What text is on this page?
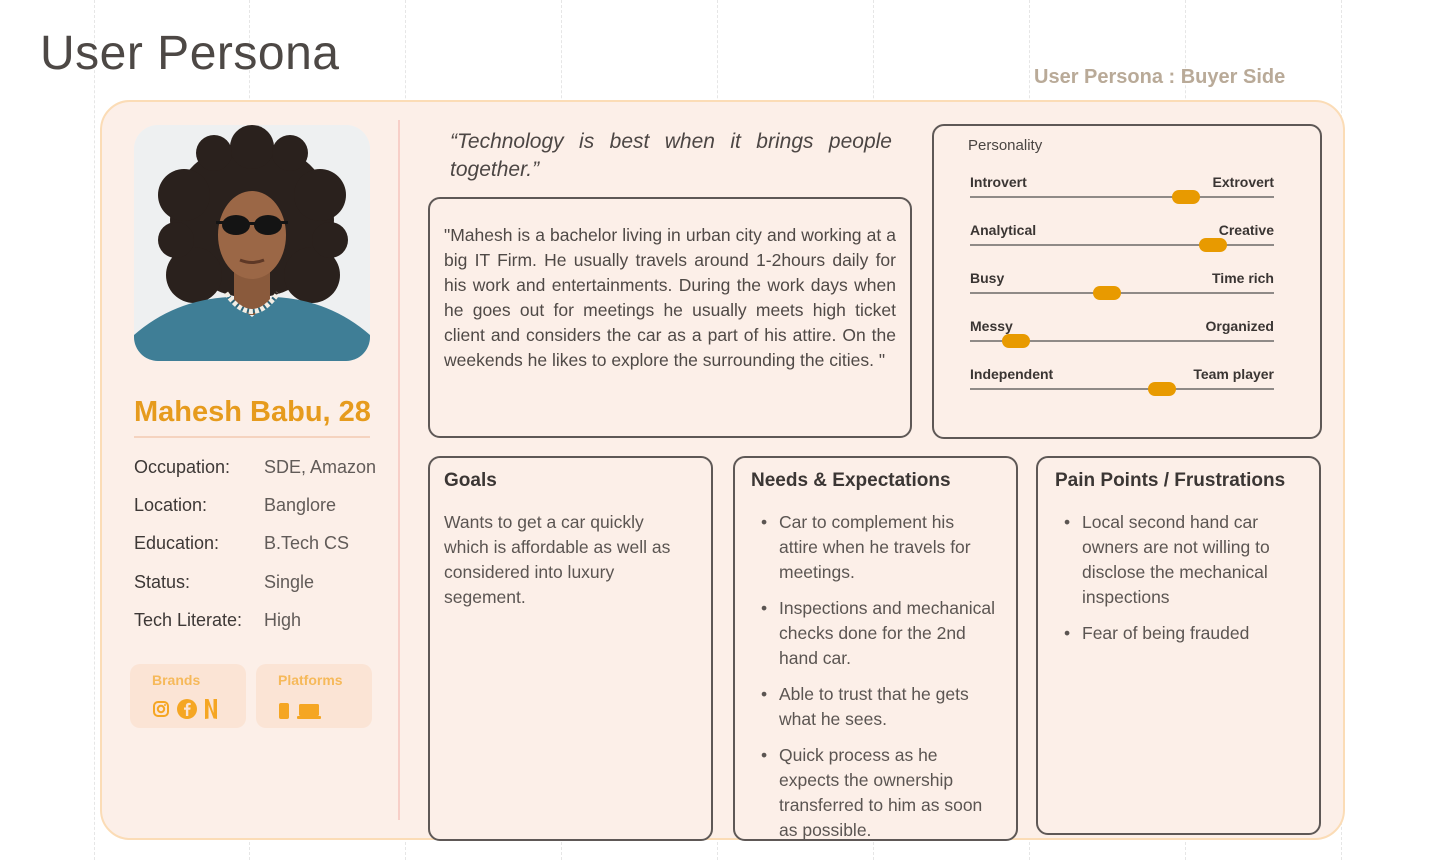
User Persona	User Persona : Buyer Side
Mahesh Babu, 28
Occupation:	SDE, Amazon
Location:	Banglore
Education:	B.Tech CS
Status:	Single
Tech Literate:	High
Brands	Platforms
“Technology is best when it brings people together.”
"Mahesh is a bachelor living in urban city and working at a big IT Firm. He usually travels around 1-2hours daily for his work and entertainments. During the work days when he goes out for meetings he usually meets high ticket client and considers the car as a part of his attire. On the weekends he likes to explore the surrounding the cities. "
Personality
Introvert	Extrovert
Analytical	Creative
Busy	Time rich
Messy	Organized
Independent	Team player
Goals
Wants to get a car quickly which is affordable as well as considered into luxury segement.
Needs & Expectations
• Car to complement his attire when he travels for meetings.
• Inspections and mechanical checks done for the 2nd hand car.
• Able to trust that he gets what he sees.
• Quick process as he expects the ownership transferred to him as soon as possible.
Pain Points / Frustrations
• Local second hand car owners are not willing to disclose the mechanical inspections
• Fear of being frauded
